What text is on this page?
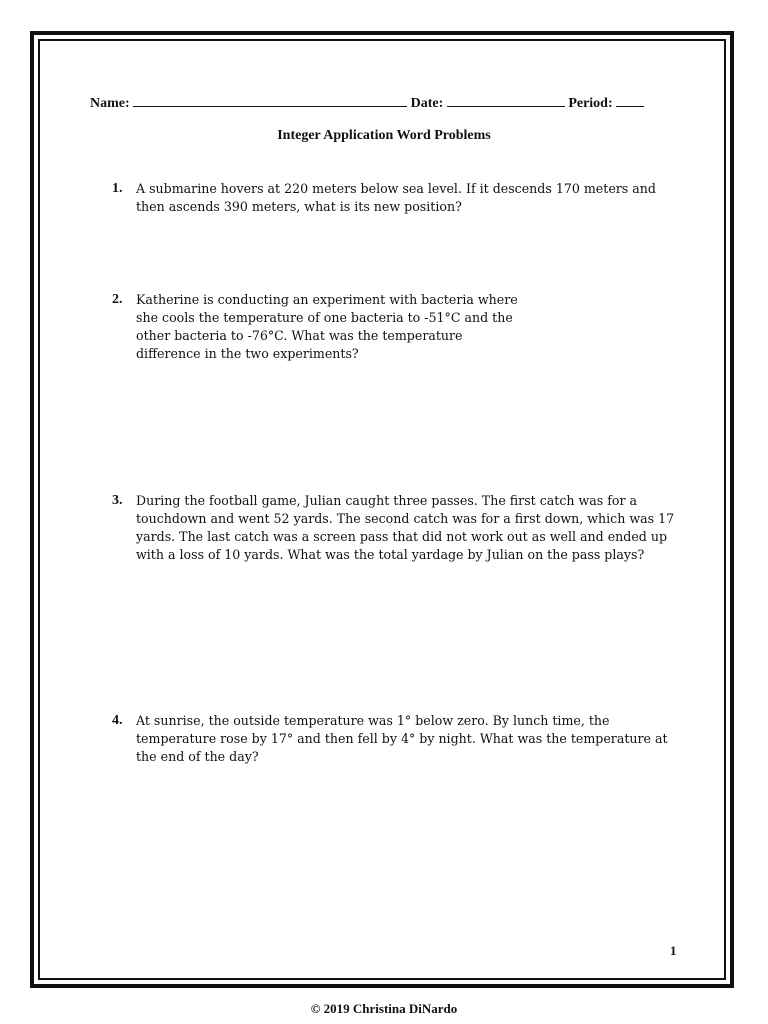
Name:	Date:	Period:
Integer Application Word Problems
1. A submarine hovers at 220 meters below sea level. If it descends 170 meters and
then ascends 390 meters, what is its new position?
2. Katherine is conducting an experiment with bacteria where
she cools the temperature of one bacteria to -51°C and the
other bacteria to -76°C. What was the temperature
difference in the two experiments?
3. During the football game, Julian caught three passes. The first catch was for a
touchdown and went 52 yards. The second catch was for a first down, which was 17
yards. The last catch was a screen pass that did not work out as well and ended up
with a loss of 10 yards. What was the total yardage by Julian on the pass plays?
4. At sunrise, the outside temperature was 1° below zero. By lunch time, the
temperature rose by 17° and then fell by 4° by night. What was the temperature at
the end of the day?
1
© 2019 Christina DiNardo
